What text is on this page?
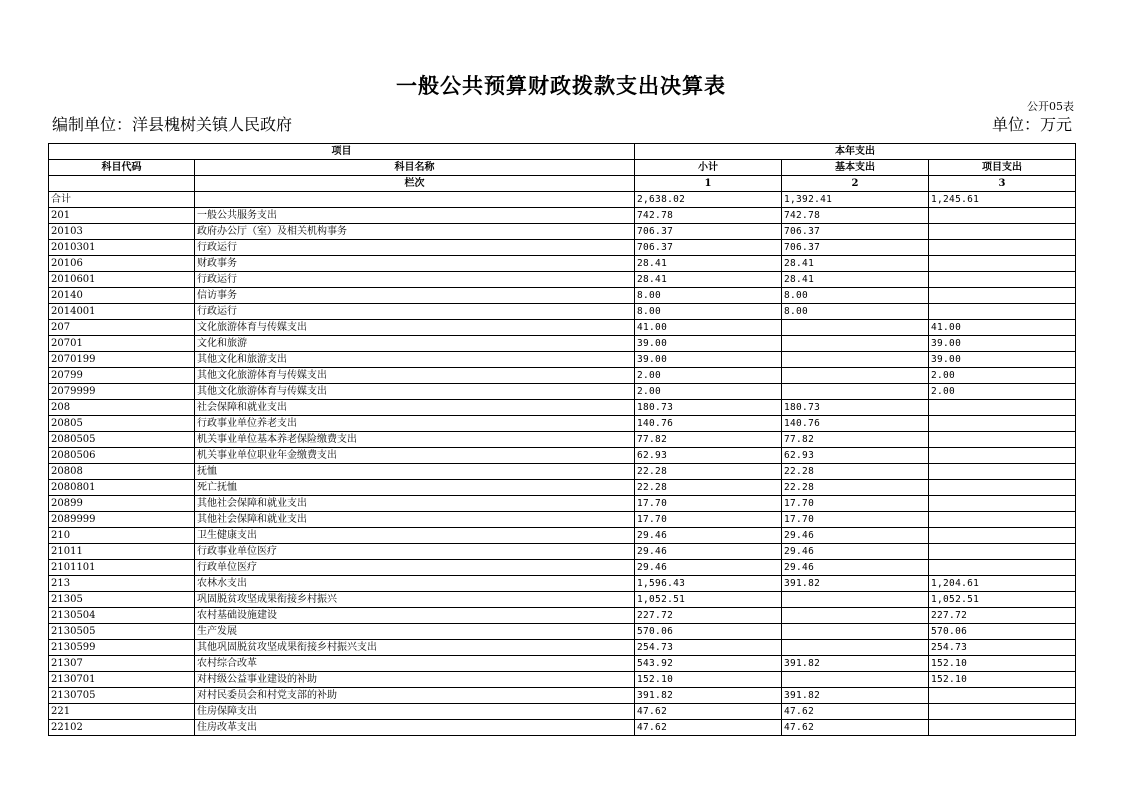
一般公共预算财政拨款支出决算表
公开05表
编制单位：洋县槐树关镇人民政府	单位：万元
项目		本年支出		
科目代码	科目名称	小计	基本支出	项目支出
	栏次	1	2	3
合计		2,638.02	1,392.41	1,245.61
201	一般公共服务支出	742.78	742.78	
20103	政府办公厅（室）及相关机构事务	706.37	706.37	
2010301	行政运行	706.37	706.37	
20106	财政事务	28.41	28.41	
2010601	行政运行	28.41	28.41	
20140	信访事务	8.00	8.00	
2014001	行政运行	8.00	8.00	
207	文化旅游体育与传媒支出	41.00		41.00
20701	文化和旅游	39.00		39.00
2070199	其他文化和旅游支出	39.00		39.00
20799	其他文化旅游体育与传媒支出	2.00		2.00
2079999	其他文化旅游体育与传媒支出	2.00		2.00
208	社会保障和就业支出	180.73	180.73	
20805	行政事业单位养老支出	140.76	140.76	
2080505	机关事业单位基本养老保险缴费支出	77.82	77.82	
2080506	机关事业单位职业年金缴费支出	62.93	62.93	
20808	抚恤	22.28	22.28	
2080801	死亡抚恤	22.28	22.28	
20899	其他社会保障和就业支出	17.70	17.70	
2089999	其他社会保障和就业支出	17.70	17.70	
210	卫生健康支出	29.46	29.46	
21011	行政事业单位医疗	29.46	29.46	
2101101	行政单位医疗	29.46	29.46	
213	农林水支出	1,596.43	391.82	1,204.61
21305	巩固脱贫攻坚成果衔接乡村振兴	1,052.51		1,052.51
2130504	农村基础设施建设	227.72		227.72
2130505	生产发展	570.06		570.06
2130599	其他巩固脱贫攻坚成果衔接乡村振兴支出	254.73		254.73
21307	农村综合改革	543.92	391.82	152.10
2130701	对村级公益事业建设的补助	152.10		152.10
2130705	对村民委员会和村党支部的补助	391.82	391.82	
221	住房保障支出	47.62	47.62	
22102	住房改革支出	47.62	47.62	
